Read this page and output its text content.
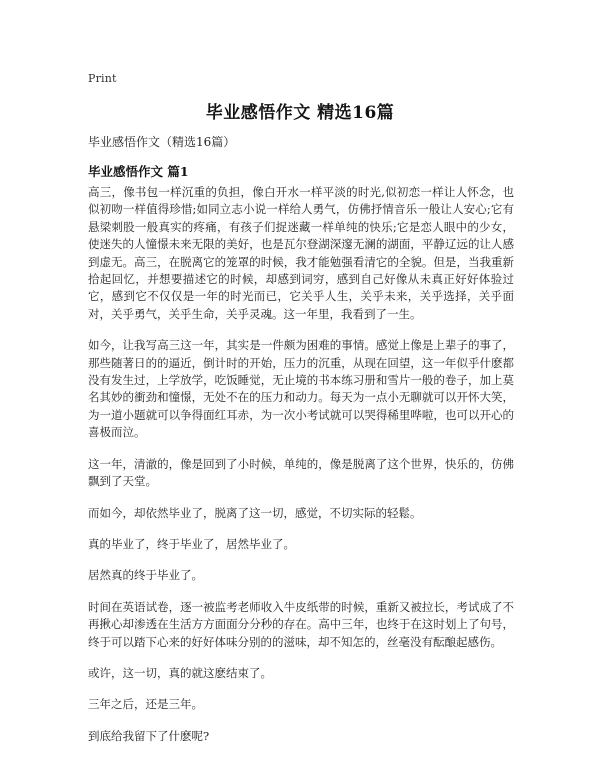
Print
毕业感悟作文 精选16篇
毕业感悟作文（精选16篇）
毕业感悟作文 篇1

高三，像书包一样沉重的负担，像白开水一样平淡的时光,似初恋一样让人怀念，也似初吻一样值得珍惜;如同立志小说一样给人勇气，仿佛抒情音乐一般让人安心;它有悬梁刺股一般真实的疼痛，有孩子们捉迷藏一样单纯的快乐;它是恋人眼中的少女，使迷失的人憧憬未来无限的美好，也是瓦尔登湖深邃无澜的湖面，平静辽远的让人感到虚无。高三，在脱离它的笼罩的时候，我才能勉强看清它的全貌。但是，当我重新拾起回忆，并想要描述它的时候，却感到词穷，感到自己好像从未真正好好体验过它，感到它不仅仅是一年的时光而已，它关乎人生，关乎未来，关乎选择，关乎面对，关乎勇气，关乎生命，关乎灵魂。这一年里，我看到了一生。

如今，让我写高三这一年，其实是一件颇为困难的事情。感觉上像是上辈子的事了，那些随著日的的逼近，倒计时的开始，压力的沉重，从现在回望，这一年似乎什麽都没有发生过，上学放学，吃饭睡觉，无止境的书本练习册和雪片一般的卷子，加上莫名其妙的衝劲和憧憬，无处不在的压力和动力。每天为一点小无聊就可以开怀大笑，为一道小题就可以争得面红耳赤，为一次小考试就可以哭得稀里哗啦，也可以开心的喜极而泣。

这一年，清澈的，像是回到了小时候，单纯的，像是脱离了这个世界，快乐的，仿佛飘到了天堂。

而如今，却依然毕业了，脱离了这一切，感觉，不切实际的轻鬆。

真的毕业了，终于毕业了，居然毕业了。

居然真的终于毕业了。

时间在英语试卷，逐一被监考老师收入牛皮纸带的时候，重新又被拉长，考试成了不再揪心却渗透在生活方方面面分分秒的存在。高中三年，也终于在这时划上了句号，终于可以踏下心来的好好体味分别的的滋味，却不知怎的，丝毫没有酝酿起感伤。

或许，这一切，真的就这麽结束了。

三年之后，还是三年。

到底给我留下了什麽呢?
